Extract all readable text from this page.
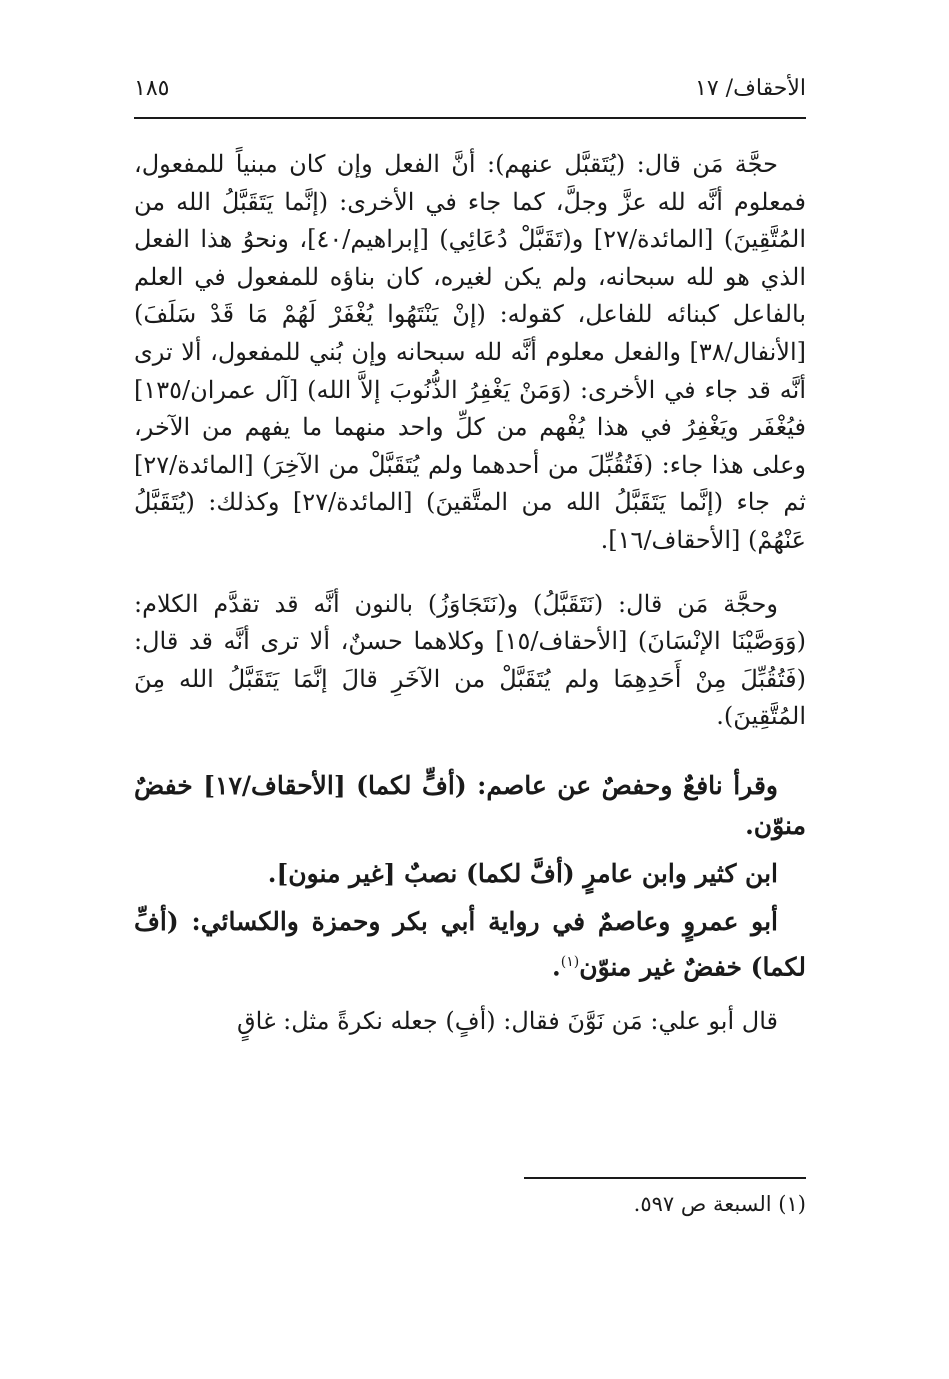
الأحقاف/ ١٧
١٨٥

حجَّة مَن قال: (يُتَقبَّل عنهم): أنَّ الفعل وإن كان مبنياً للمفعول، فمعلوم أنَّه لله عزَّ وجلَّ، كما جاء في الأخرى: (إنَّما يَتَقَبَّلُ الله من المُتَّقِينَ) [المائدة/٢٧] و(تَقَبَّلْ دُعَائِي) [إبراهيم/٤٠]، ونحوُ هذا الفعل الذي هو لله سبحانه، ولم يكن لغيره، كان بناؤه للمفعول في العلم بالفاعل كبنائه للفاعل، كقوله: (إنْ يَنْتَهُوا يُغْفَرْ لَهُمْ مَا قَدْ سَلَفَ) [الأنفال/٣٨] والفعل معلوم أنَّه لله سبحانه وإن بُني للمفعول، ألا ترى أنَّه قد جاء في الأخرى: (وَمَنْ يَغْفِرُ الذُّنُوبَ إلاَّ الله) [آل عمران/١٣٥] فيُغْفَر ويَغْفِرُ في هذا يُفْهم من كلِّ واحد منهما ما يفهم من الآخر، وعلى هذا جاء: (فَتُقُبِّلَ من أحدهما ولم يُتَقَبَّلْ من الآخِرَ) [المائدة/٢٧] ثم جاء (إنَّما يَتَقَبَّلُ الله من المتَّقينَ) [المائدة/٢٧] وكذلك: (يُتَقَبَّلُ عَنْهُمْ) [الأحقاف/١٦].

وحجَّة مَن قال: (نَتَقَبَّلُ) و(نَتَجَاوَزُ) بالنون أنَّه قد تقدَّم الكلام: (وَوَصَّيْنَا الإنْسَانَ) [الأحقاف/١٥] وكلاهما حسنٌ، ألا ترى أنَّه قد قال: (فَتُقُبِّلَ مِنْ أَحَدِهِمَا ولم يُتَقَبَّلْ من الآخَرِ قالَ إنَّمَا يَتَقَبَّلُ الله مِنَ المُتَّقِينَ).

وقرأ نافعٌ وحفصٌ عن عاصم: (أفٍّ لكما) [الأحقاف/١٧] خفضٌ منوّن.

ابن كثير وابن عامرٍ (أفَّ لكما) نصبٌ [غير منون].

أبو عمروٍ وعاصمٌ في رواية أبي بكر وحمزة والكسائي: (أفِّ لكما) خفضٌ غير منوّن$^{(١)}$.

قال أبو علي: مَن نَوَّنَ فقال: (أفٍ) جعله نكرةً مثل: غاقٍ

(١) السبعة ص ٥٩٧.
